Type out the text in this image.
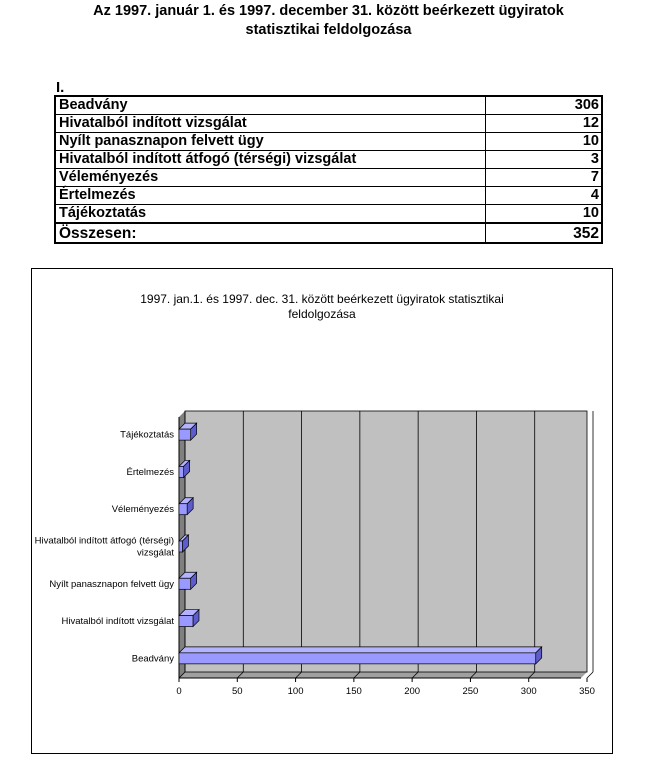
Az 1997. január 1. és 1997. december 31. között beérkezett ügyiratok
statisztikai feldolgozása
I.
Beadvány	306
Hivatalból indított vizsgálat	12
Nyílt panasznapon felvett ügy	10
Hivatalból indított átfogó (térségi) vizsgálat	3
Véleményezés	7
Értelmezés	4
Tájékoztatás	10
Összesen:	352
1997. jan.1. és 1997. dec. 31. között beérkezett ügyiratok statisztikai
feldolgozása
0	50	100	150	200	250	300	350
Beadvány
Hivatalból indított vizsgálat
Nyílt panasznapon felvett ügy
Hivatalból indított átfogó (térségi)
vizsgálat
Véleményezés
Értelmezés
Tájékoztatás
